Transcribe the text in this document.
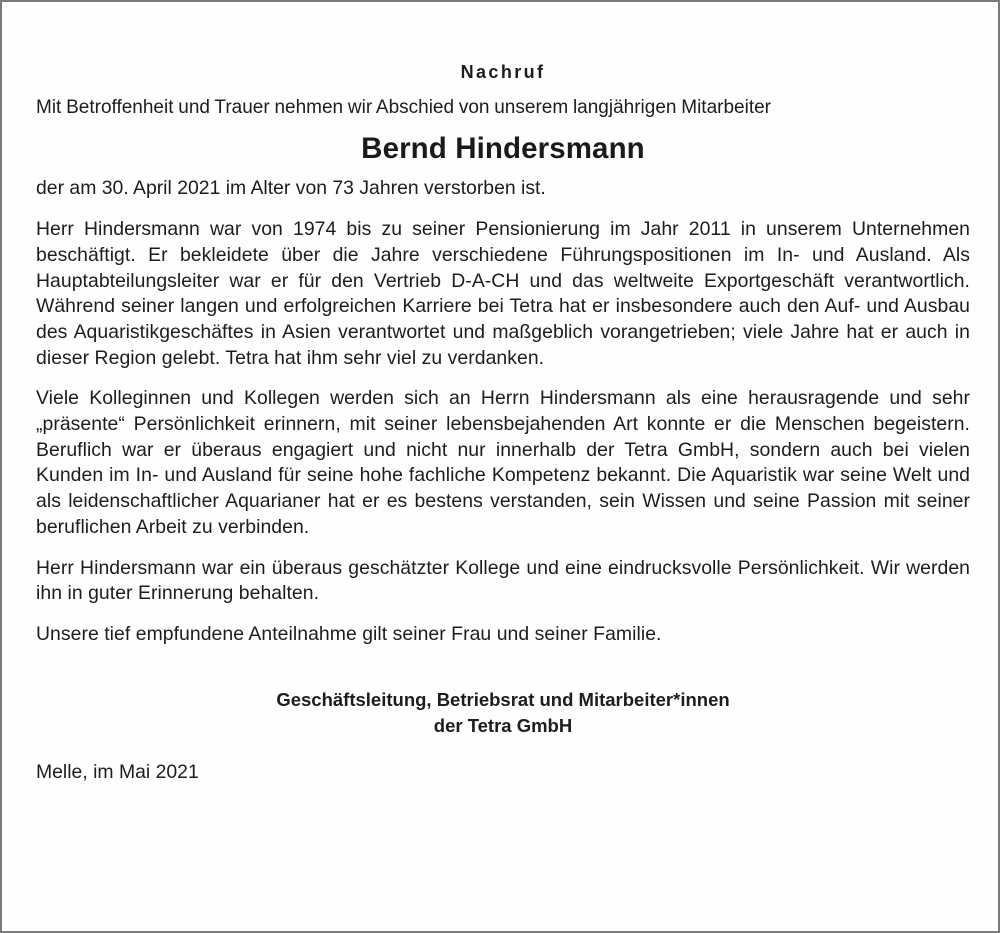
Nachruf

Mit Betroffenheit und Trauer nehmen wir Abschied von unserem langjährigen Mitarbeiter

Bernd Hindersmann

der am 30. April 2021 im Alter von 73 Jahren verstorben ist.

Herr Hindersmann war von 1974 bis zu seiner Pensionierung im Jahr 2011 in unserem Unternehmen beschäftigt. Er bekleidete über die Jahre verschiedene Führungspositionen im In- und Ausland. Als Hauptabteilungsleiter war er für den Vertrieb D-A-CH und das weltweite Exportgeschäft verantwortlich. Während seiner langen und erfolgreichen Karriere bei Tetra hat er insbesondere auch den Auf- und Ausbau des Aquaristikgeschäftes in Asien verantwortet und maßgeblich vorangetrieben; viele Jahre hat er auch in dieser Region gelebt. Tetra hat ihm sehr viel zu verdanken.

Viele Kolleginnen und Kollegen werden sich an Herrn Hindersmann als eine herausragende und sehr „präsente“ Persönlichkeit erinnern, mit seiner lebensbejahenden Art konnte er die Menschen begeistern. Beruflich war er überaus engagiert und nicht nur innerhalb der Tetra GmbH, sondern auch bei vielen Kunden im In- und Ausland für seine hohe fachliche Kompetenz bekannt. Die Aquaristik war seine Welt und als leidenschaftlicher Aquarianer hat er es bestens verstanden, sein Wissen und seine Passion mit seiner beruflichen Arbeit zu verbinden.

Herr Hindersmann war ein überaus geschätzter Kollege und eine eindrucksvolle Persönlichkeit. Wir werden ihn in guter Erinnerung behalten.

Unsere tief empfundene Anteilnahme gilt seiner Frau und seiner Familie.

Geschäftsleitung, Betriebsrat und Mitarbeiter*innen
der Tetra GmbH
Melle, im Mai 2021
